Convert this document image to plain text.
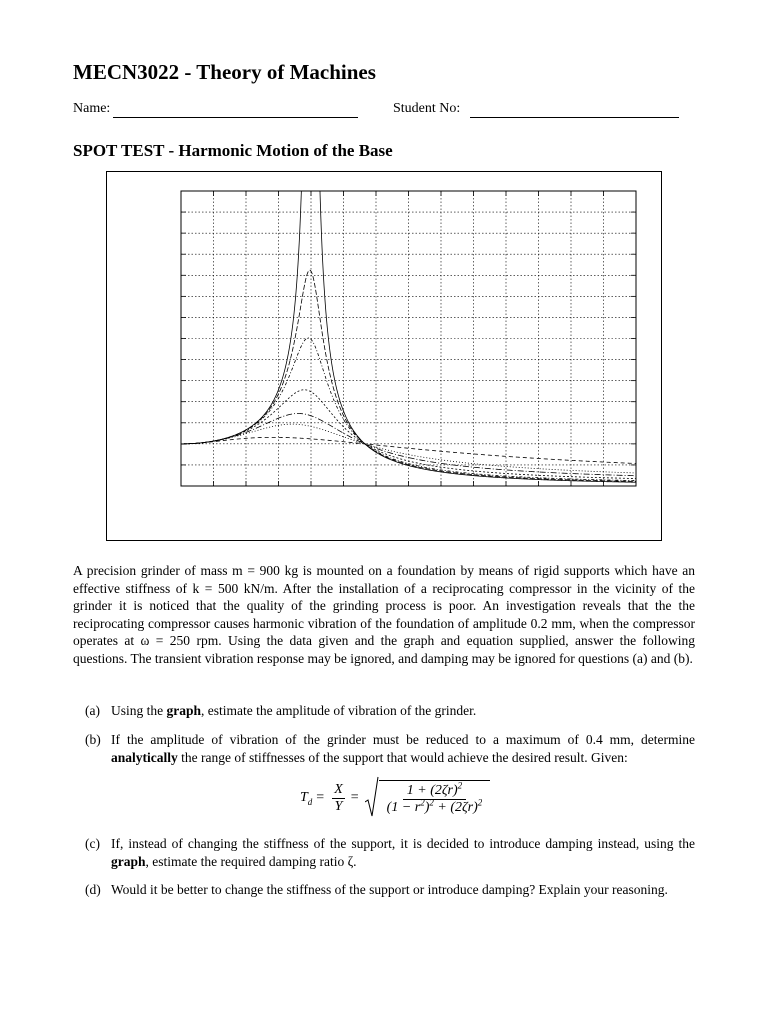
MECN3022 - Theory of Machines
Name:	Student No:
SPOT TEST - Harmonic Motion of the Base

A precision grinder of mass m = 900 kg is mounted on a foundation by means of rigid supports which have an effective stiffness of k = 500 kN/m. After the installation of a reciprocating compressor in the vicinity of the grinder it is noticed that the quality of the grinding process is poor. An investigation reveals that the the reciprocating compressor causes harmonic vibration of the foundation of amplitude 0.2 mm, when the compressor operates at ω = 250 rpm. Using the data given and the graph and equation supplied, answer the following questions. The transient vibration response may be ignored, and damping may be ignored for questions (a) and (b).

(a) Using the graph, estimate the amplitude of vibration of the grinder.
(b) If the amplitude of vibration of the grinder must be reduced to a maximum of 0.4 mm, determine analytically the range of stiffnesses of the support that would achieve the desired result. Given:
$T_d = \frac{X}{Y} = \frac{1 + (2\zeta r)^2}{(1 - r^2)^2 + (2\zeta r)^2}$
(c) If, instead of changing the stiffness of the support, it is decided to introduce damping instead, using the graph, estimate the required damping ratio ζ.
(d) Would it be better to change the stiffness of the support or introduce damping? Explain your reasoning.
